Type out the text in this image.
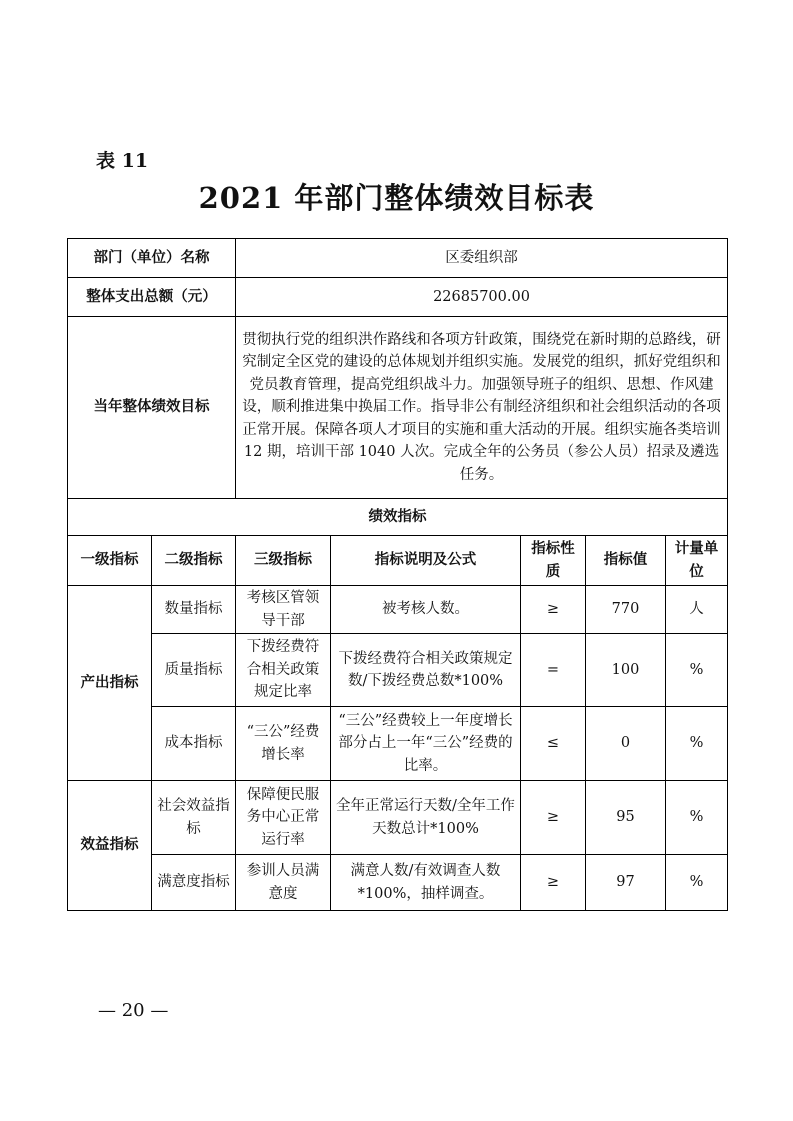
表 11
2021 年部门整体绩效目标表
部门（单位）名称		区委组织部				
整体支出总额（元）		22685700.00				
当年整体绩效目标		贯彻执行党的组织洪作路线和各项方针政策，围绕党在新时期的总路线，研究制定全区党的建设的总体规划并组织实施。发展党的组织，抓好党组织和党员教育管理，提高党组织战斗力。加强领导班子的组织、思想、作风建设，顺利推进集中换届工作。指导非公有制经济组织和社会组织活动的各项正常开展。保障各项人才项目的实施和重大活动的开展。组织实施各类培训 12 期，培训干部 1040 人次。完成全年的公务员（参公人员）招录及遴选任务。				
绩效指标						
一级指标	二级指标	三级指标	指标说明及公式	指标性质	指标值	计量单位
产出指标	数量指标	考核区管领导干部	被考核人数。	≥	770	人
	质量指标	下拨经费符合相关政策规定比率	下拨经费符合相关政策规定数/下拨经费总数*100%	=	100	%
	成本指标	“三公”经费增长率	“三公”经费较上一年度增长部分占上一年“三公”经费的比率。	≤	0	%
效益指标	社会效益指标	保障便民服务中心正常运行率	全年正常运行天数/全年工作天数总计*100%	≥	95	%
	满意度指标	参训人员满意度	满意人数/有效调查人数*100%，抽样调查。	≥	97	%
— 20 —
